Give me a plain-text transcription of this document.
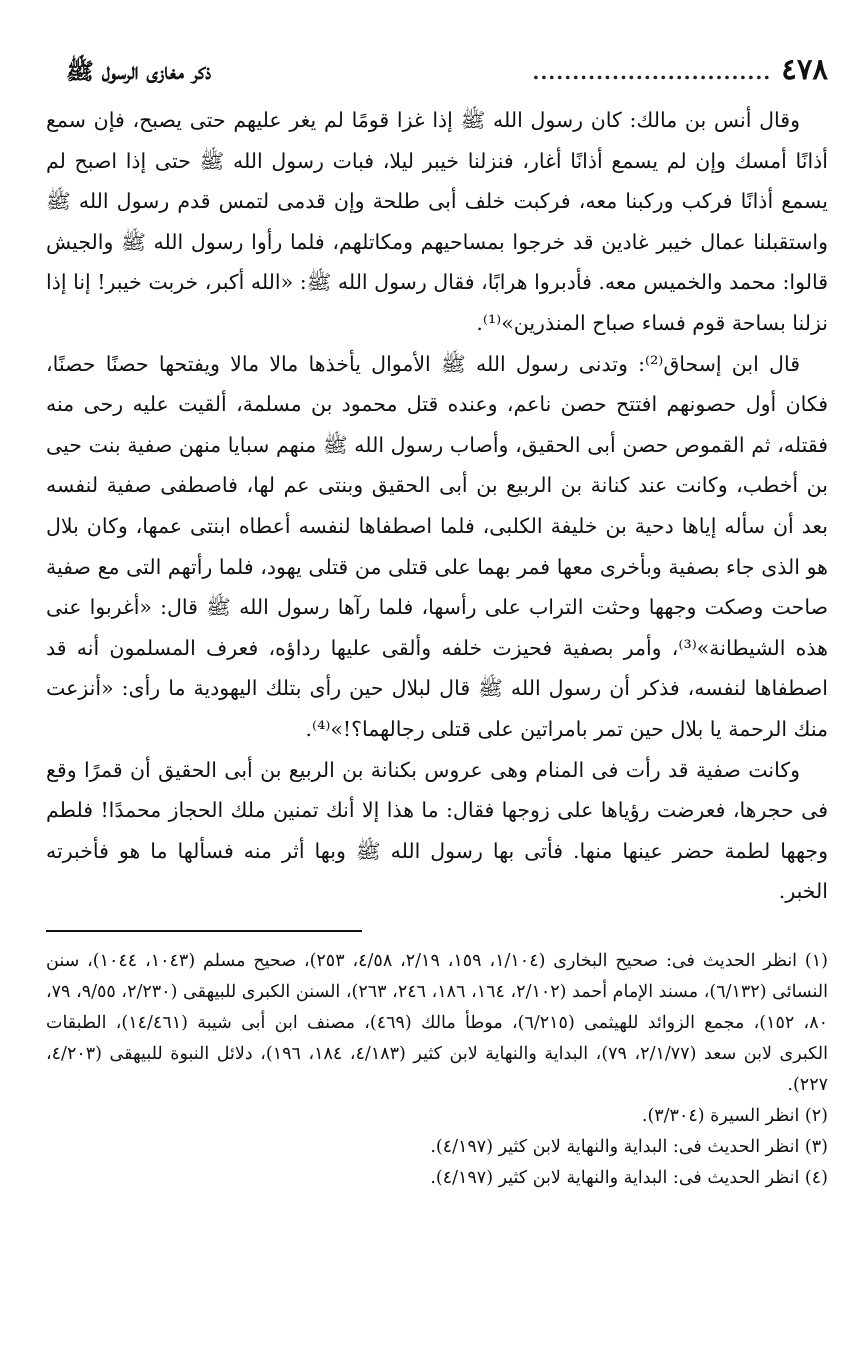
٤٧٨
..............................
ذكر مغازى الرسول ﷺ

وقال أنس بن مالك: كان رسول الله ﷺ إذا غزا قومًا لم يغر عليهم حتى يصبح، فإن سمع أذانًا أمسك وإن لم يسمع أذانًا أغار، فنزلنا خيبر ليلا، فبات رسول الله ﷺ حتى إذا اصبح لم يسمع أذانًا فركب وركبنا معه، فركبت خلف أبى طلحة وإن قدمى لتمس قدم رسول الله ﷺ واستقبلنا عمال خيبر غادين قد خرجوا بمساحيهم ومكاتلهم، فلما رأوا رسول الله ﷺ والجيش قالوا: محمد والخميس معه. فأدبروا هرابًا، فقال رسول الله ﷺ: «الله أكبر، خربت خيبر! إنا إذا نزلنا بساحة قوم فساء صباح المنذرين»⁽¹⁾.

قال ابن إسحاق⁽²⁾: وتدنى رسول الله ﷺ الأموال يأخذها مالا مالا ويفتحها حصنًا حصنًا، فكان أول حصونهم افتتح حصن ناعم، وعنده قتل محمود بن مسلمة، ألقيت عليه رحى منه فقتله، ثم القموص حصن أبى الحقيق، وأصاب رسول الله ﷺ منهم سبايا منهن صفية بنت حيى بن أخطب، وكانت عند كنانة بن الربيع بن أبى الحقيق وبنتى عم لها، فاصطفى صفية لنفسه بعد أن سأله إياها دحية بن خليفة الكلبى، فلما اصطفاها لنفسه أعطاه ابنتى عمها، وكان بلال هو الذى جاء بصفية وبأخرى معها فمر بهما على قتلى من قتلى يهود، فلما رأتهم التى مع صفية صاحت وصكت وجهها وحثت التراب على رأسها، فلما رآها رسول الله ﷺ قال: «أغربوا عنى هذه الشيطانة»⁽³⁾، وأمر بصفية فحيزت خلفه وألقى عليها رداؤه، فعرف المسلمون أنه قد اصطفاها لنفسه، فذكر أن رسول الله ﷺ قال لبلال حين رأى بتلك اليهودية ما رأى: «أنزعت منك الرحمة يا بلال حين تمر بامراتين على قتلى رجالهما؟!»⁽⁴⁾.

وكانت صفية قد رأت فى المنام وهى عروس بكنانة بن الربيع بن أبى الحقيق أن قمرًا وقع فى حجرها، فعرضت رؤياها على زوجها فقال: ما هذا إلا أنك تمنين ملك الحجاز محمدًا! فلطم وجهها لطمة حضر عينها منها. فأتى بها رسول الله ﷺ وبها أثر منه فسألها ما هو فأخبرته الخبر.

(١) انظر الحديث فى: صحيح البخارى (١/١٠٤، ١٥٩، ٢/١٩، ٤/٥٨، ٢٥٣)، صحيح مسلم (١٠٤٣، ١٠٤٤)، سنن النسائى (٦/١٣٢)، مسند الإمام أحمد (٢/١٠٢، ١٦٤، ١٨٦، ٢٤٦، ٢٦٣)، السنن الكبرى للبيهقى (٢/٢٣٠، ٩/٥٥، ٧٩، ٨٠، ١٥٢)، مجمع الزوائد للهيثمى (٦/٢١٥)، موطأ مالك (٤٦٩)، مصنف ابن أبى شيبة (١٤/٤٦١)، الطبقات الكبرى لابن سعد (٢/١/٧٧، ٧٩)، البداية والنهاية لابن كثير (٤/١٨٣، ١٨٤، ١٩٦)، دلائل النبوة للبيهقى (٤/٢٠٣، ٢٢٧).

(٢) انظر السيرة (٣/٣٠٤).

(٣) انظر الحديث فى: البداية والنهاية لابن كثير (٤/١٩٧).

(٤) انظر الحديث فى: البداية والنهاية لابن كثير (٤/١٩٧).
